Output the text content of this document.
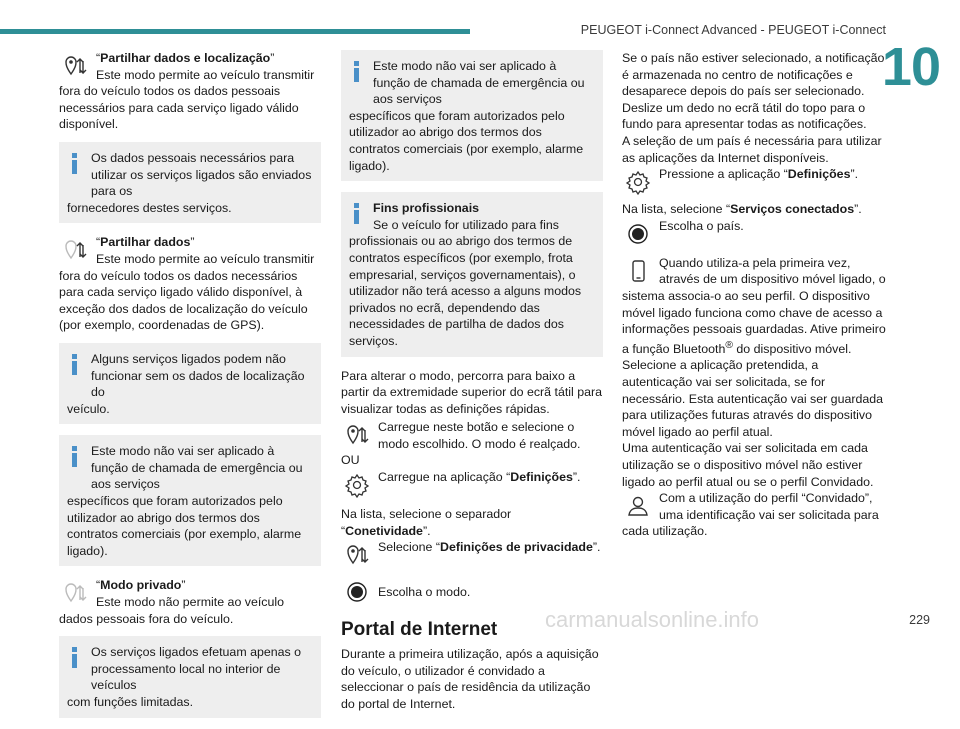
PEUGEOT i-Connect Advanced - PEUGEOT i-Connect
10

“Partilhar dados e localização”
Este modo permite ao veículo transmitir fora do veículo todos os dados pessoais necessários para cada serviço ligado válido disponível.

Os dados pessoais necessários para utilizar os serviços ligados são enviados para os

fornecedores destes serviços.

“Partilhar dados”
Este modo permite ao veículo transmitir fora do veículo todos os dados necessários para cada serviço ligado válido disponível, à exceção dos dados de localização do veículo (por exemplo, coordenadas de GPS).

Alguns serviços ligados podem não funcionar sem os dados de localização do

veículo.

Este modo não vai ser aplicado à função de chamada de emergência ou aos serviços

específicos que foram autorizados pelo utilizador ao abrigo dos termos dos contratos comerciais (por exemplo, alarme ligado).

“Modo privado”
Este modo não permite ao veículo dados pessoais fora do veículo.

Os serviços ligados efetuam apenas o processamento local no interior de veículos

com funções limitadas.

Este modo não vai ser aplicado à função de chamada de emergência ou aos serviços

específicos que foram autorizados pelo utilizador ao abrigo dos termos dos contratos comerciais (por exemplo, alarme ligado).

Fins profissionais

Se o veículo for utilizado para fins

profissionais ou ao abrigo dos termos de contratos específicos (por exemplo, frota empresarial, serviços governamentais), o utilizador não terá acesso a alguns modos privados no ecrã, dependendo das necessidades de partilha de dados dos serviços.

Para alterar o modo, percorra para baixo a partir da extremidade superior do ecrã tátil para visualizar todas as definições rápidas.

Carregue neste botão e selecione o modo escolhido. O modo é realçado.

OU

Carregue na aplicação “Definições”.

Na lista, selecione o separador “Conetividade”.

Selecione “Definições de privacidade”.

Escolha o modo.

Portal de Internet

Durante a primeira utilização, após a aquisição do veículo, o utilizador é convidado a seleccionar o país de residência da utilização do portal de Internet.

Se o país não estiver selecionado, a notificação é armazenada no centro de notificações e desaparece depois do país ser selecionado. Deslize um dedo no ecrã tátil do topo para o fundo para apresentar todas as notificações.

A seleção de um país é necessária para utilizar as aplicações da Internet disponíveis.

Pressione a aplicação “Definições”.

Na lista, selecione “Serviços conectados”.

Escolha o país.

Quando utiliza-a pela primeira vez, através de um dispositivo móvel ligado, o sistema associa-o ao seu perfil. O dispositivo móvel ligado funciona como chave de acesso a informações pessoais guardadas. Ative primeiro a função Bluetooth® do dispositivo móvel.

Selecione a aplicação pretendida, a autenticação vai ser solicitada, se for necessário. Esta autenticação vai ser guardada para utilizações futuras através do dispositivo móvel ligado ao perfil atual.

Uma autenticação vai ser solicitada em cada utilização se o dispositivo móvel não estiver ligado ao perfil atual ou se o perfil Convidado.

Com a utilização do perfil “Convidado”, uma identificação vai ser solicitada para cada utilização.

carmanualsonline.info	229
